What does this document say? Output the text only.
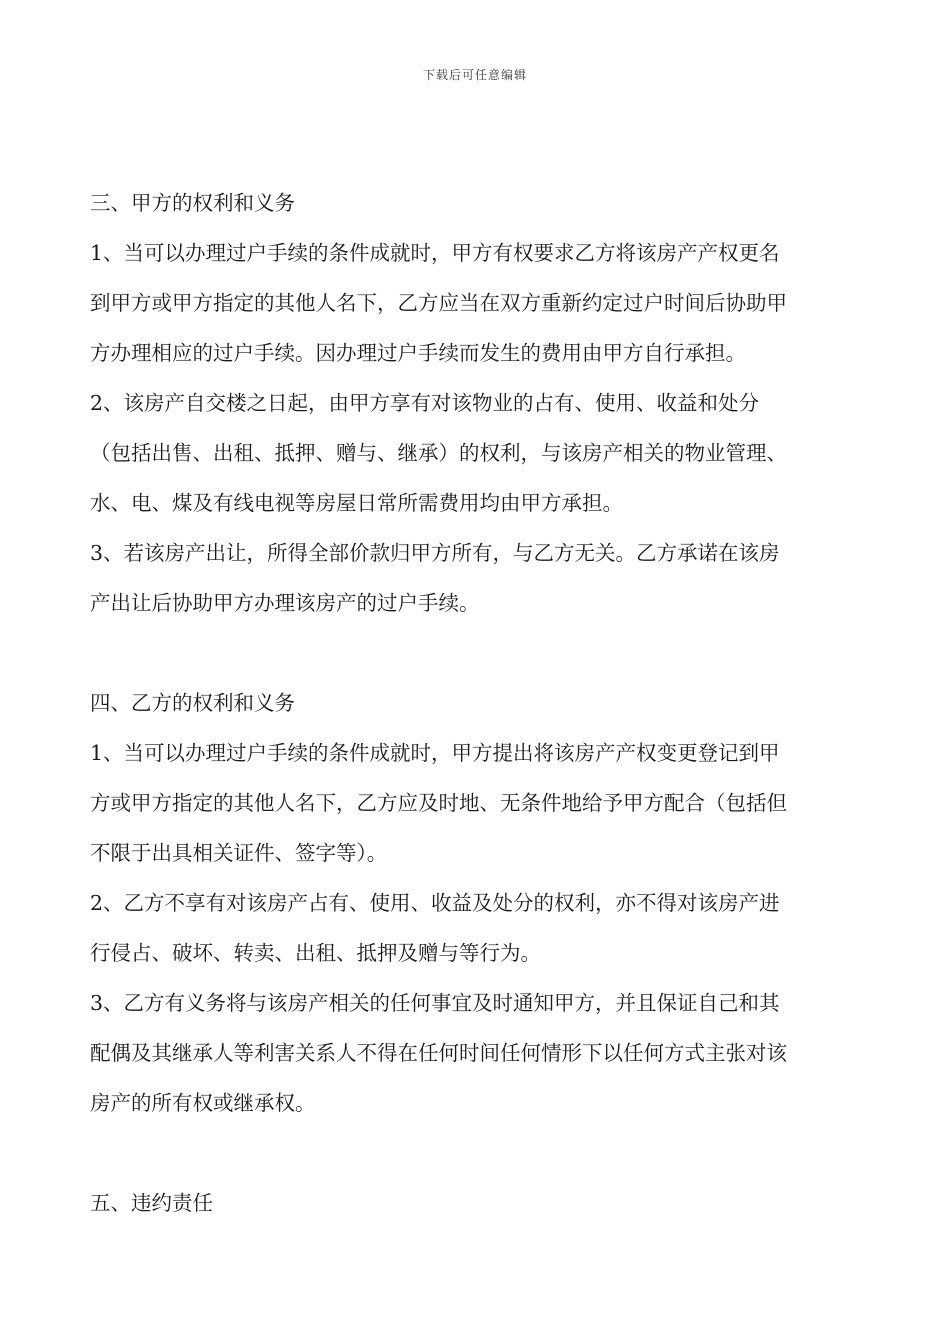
下载后可任意编辑

三、甲方的权利和义务

1、当可以办理过户手续的条件成就时，甲方有权要求乙方将该房产产权更名
到甲方或甲方指定的其他人名下，乙方应当在双方重新约定过户时间后协助甲
方办理相应的过户手续。因办理过户手续而发生的费用由甲方自行承担。

2、该房产自交楼之日起，由甲方享有对该物业的占有、使用、收益和处分
（包括出售、出租、抵押、赠与、继承）的权利，与该房产相关的物业管理、
水、电、煤及有线电视等房屋日常所需费用均由甲方承担。

3、若该房产出让，所得全部价款归甲方所有，与乙方无关。乙方承诺在该房
产出让后协助甲方办理该房产的过户手续。

四、乙方的权利和义务

1、当可以办理过户手续的条件成就时，甲方提出将该房产产权变更登记到甲
方或甲方指定的其他人名下，乙方应及时地、无条件地给予甲方配合（包括但
不限于出具相关证件、签字等）。

2、乙方不享有对该房产占有、使用、收益及处分的权利，亦不得对该房产进
行侵占、破坏、转卖、出租、抵押及赠与等行为。

3、乙方有义务将与该房产相关的任何事宜及时通知甲方，并且保证自己和其
配偶及其继承人等利害关系人不得在任何时间任何情形下以任何方式主张对该
房产的所有权或继承权。

五、违约责任
